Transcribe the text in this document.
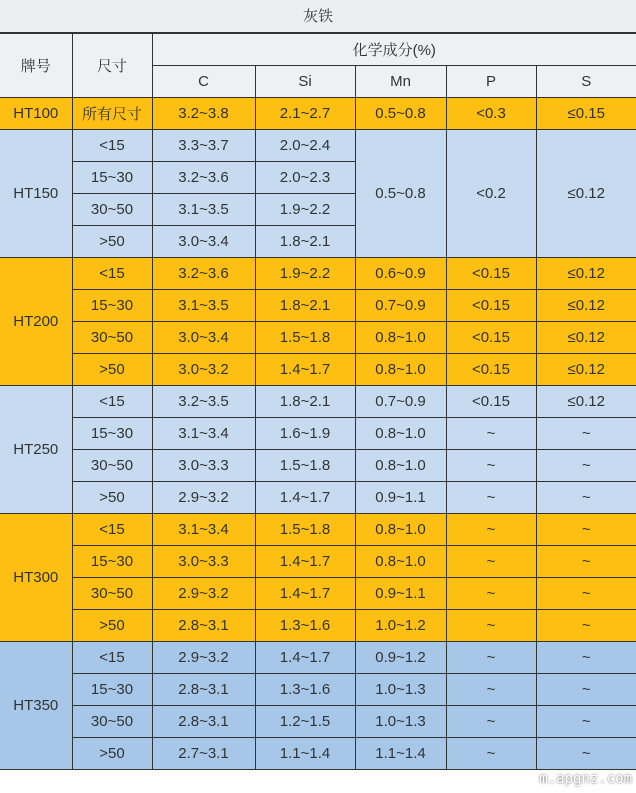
灰铁
牌号	尺寸	化学成分(%)				
		C	Si	Mn	P	S
HT100	所有尺寸	3.2~3.8	2.1~2.7	0.5~0.8	<0.3	≤0.15
HT150	<15	3.3~3.7	2.0~2.4	0.5~0.8	<0.2	≤0.12
	15~30	3.2~3.6	2.0~2.3			
	30~50	3.1~3.5	1.9~2.2			
	>50	3.0~3.4	1.8~2.1			
HT200	<15	3.2~3.6	1.9~2.2	0.6~0.9	<0.15	≤0.12
	15~30	3.1~3.5	1.8~2.1	0.7~0.9	<0.15	≤0.12
	30~50	3.0~3.4	1.5~1.8	0.8~1.0	<0.15	≤0.12
	>50	3.0~3.2	1.4~1.7	0.8~1.0	<0.15	≤0.12
HT250	<15	3.2~3.5	1.8~2.1	0.7~0.9	<0.15	≤0.12
	15~30	3.1~3.4	1.6~1.9	0.8~1.0	~	~
	30~50	3.0~3.3	1.5~1.8	0.8~1.0	~	~
	>50	2.9~3.2	1.4~1.7	0.9~1.1	~	~
HT300	<15	3.1~3.4	1.5~1.8	0.8~1.0	~	~
	15~30	3.0~3.3	1.4~1.7	0.8~1.0	~	~
	30~50	2.9~3.2	1.4~1.7	0.9~1.1	~	~
	>50	2.8~3.1	1.3~1.6	1.0~1.2	~	~
HT350	<15	2.9~3.2	1.4~1.7	0.9~1.2	~	~
	15~30	2.8~3.1	1.3~1.6	1.0~1.3	~	~
	30~50	2.8~3.1	1.2~1.5	1.0~1.3	~	~
	>50	2.7~3.1	1.1~1.4	1.1~1.4	~	~
m.apgnz.com
